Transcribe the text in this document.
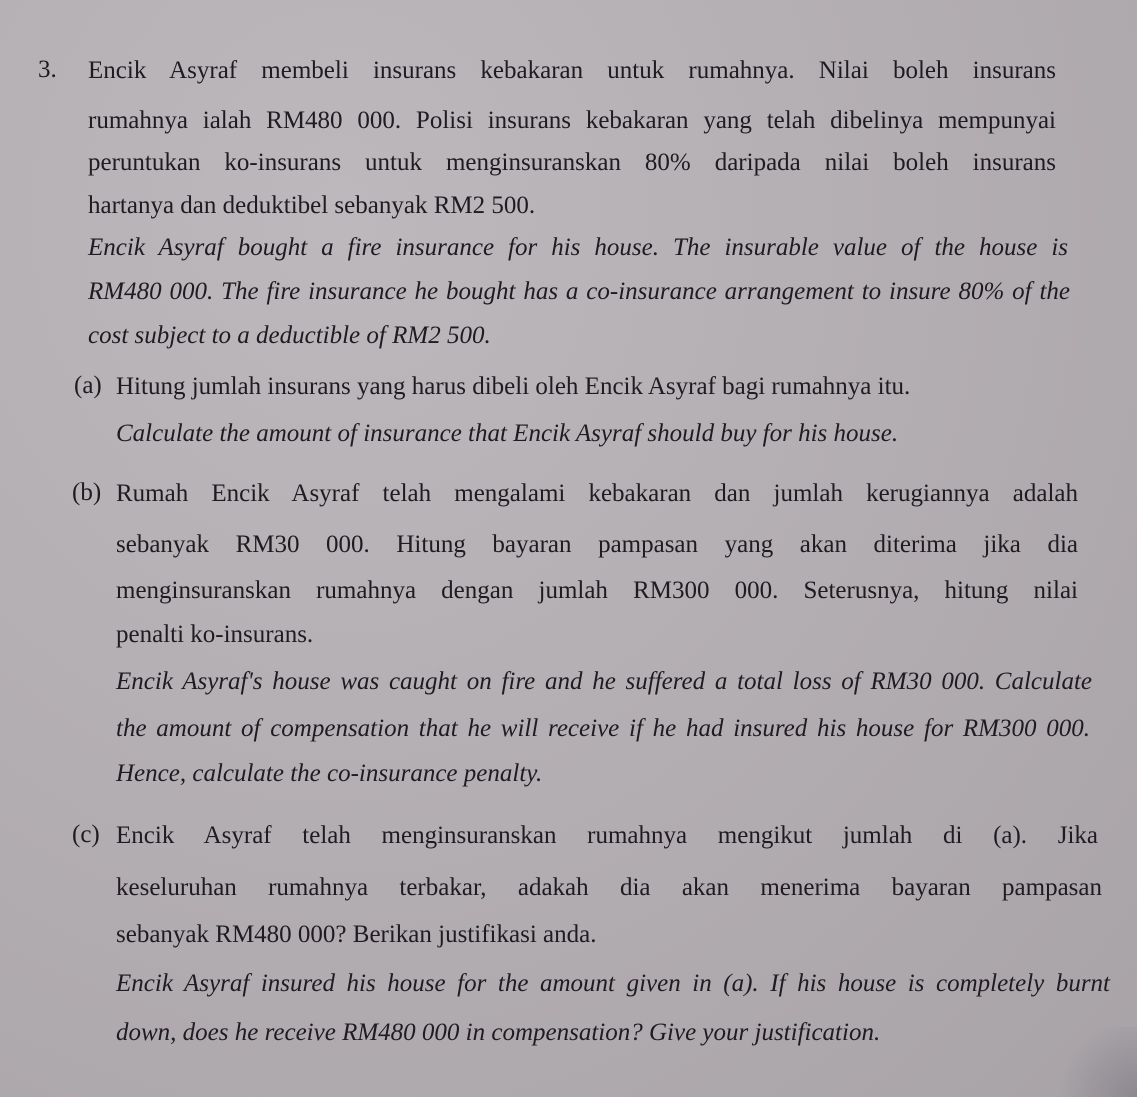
3. Encik Asyraf membeli insurans kebakaran untuk rumahnya. Nilai boleh insurans
rumahnya ialah RM480 000. Polisi insurans kebakaran yang telah dibelinya mempunyai
peruntukan ko-insurans untuk menginsuranskan 80% daripada nilai boleh insurans
hartanya dan deduktibel sebanyak RM2 500.
Encik Asyraf bought a fire insurance for his house. The insurable value of the house is
RM480 000. The fire insurance he bought has a co-insurance arrangement to insure 80% of the
cost subject to a deductible of RM2 500.
(a) Hitung jumlah insurans yang harus dibeli oleh Encik Asyraf bagi rumahnya itu.
Calculate the amount of insurance that Encik Asyraf should buy for his house.
(b) Rumah Encik Asyraf telah mengalami kebakaran dan jumlah kerugiannya adalah
sebanyak RM30 000. Hitung bayaran pampasan yang akan diterima jika dia
menginsuranskan rumahnya dengan jumlah RM300 000. Seterusnya, hitung nilai
penalti ko-insurans.
Encik Asyraf's house was caught on fire and he suffered a total loss of RM30 000. Calculate
the amount of compensation that he will receive if he had insured his house for RM300 000.
Hence, calculate the co-insurance penalty.
(c) Encik Asyraf telah menginsuranskan rumahnya mengikut jumlah di (a). Jika
keseluruhan rumahnya terbakar, adakah dia akan menerima bayaran pampasan
sebanyak RM480 000? Berikan justifikasi anda.
Encik Asyraf insured his house for the amount given in (a). If his house is completely burnt
down, does he receive RM480 000 in compensation? Give your justification.
